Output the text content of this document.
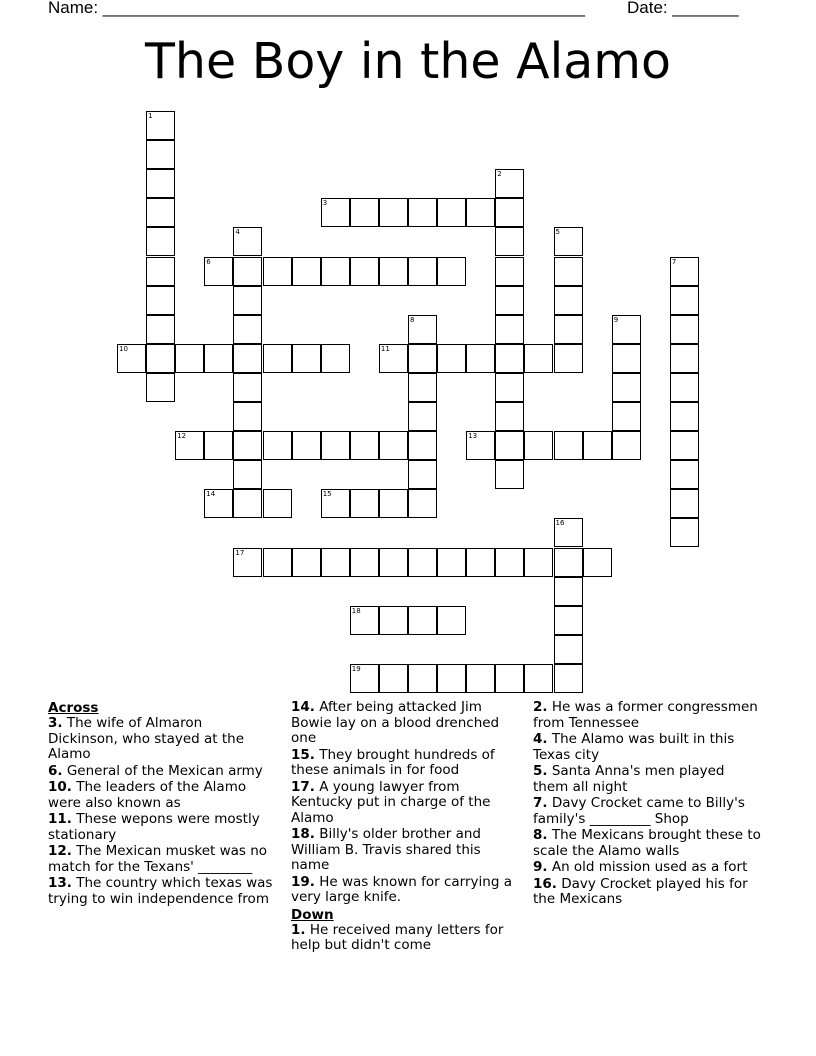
Name: ___________________________________________________ Date: _______
The Boy in the Alamo
1
2
3
4	5
6	7
8	9
10	11
12	13
14	15
16
17
18
19
Across
3. The wife of Almaron Dickinson, who stayed at the Alamo
6. General of the Mexican army
10. The leaders of the Alamo were also known as
11. These wepons were mostly stationary
12. The Mexican musket was no match for the Texans' ________
13. The country which texas was trying to win independence from
14. After being attacked Jim Bowie lay on a blood drenched one
15. They brought hundreds of these animals in for food
17. A young lawyer from Kentucky put in charge of the Alamo
18. Billy's older brother and William B. Travis shared this name
19. He was known for carrying a very large knife.
Down
1. He received many letters for help but didn't come
2. He was a former congressmen from Tennessee
4. The Alamo was built in this Texas city
5. Santa Anna's men played them all night
7. Davy Crocket came to Billy's family's _________ Shop
8. The Mexicans brought these to scale the Alamo walls
9. An old mission used as a fort
16. Davy Crocket played his for the Mexicans
